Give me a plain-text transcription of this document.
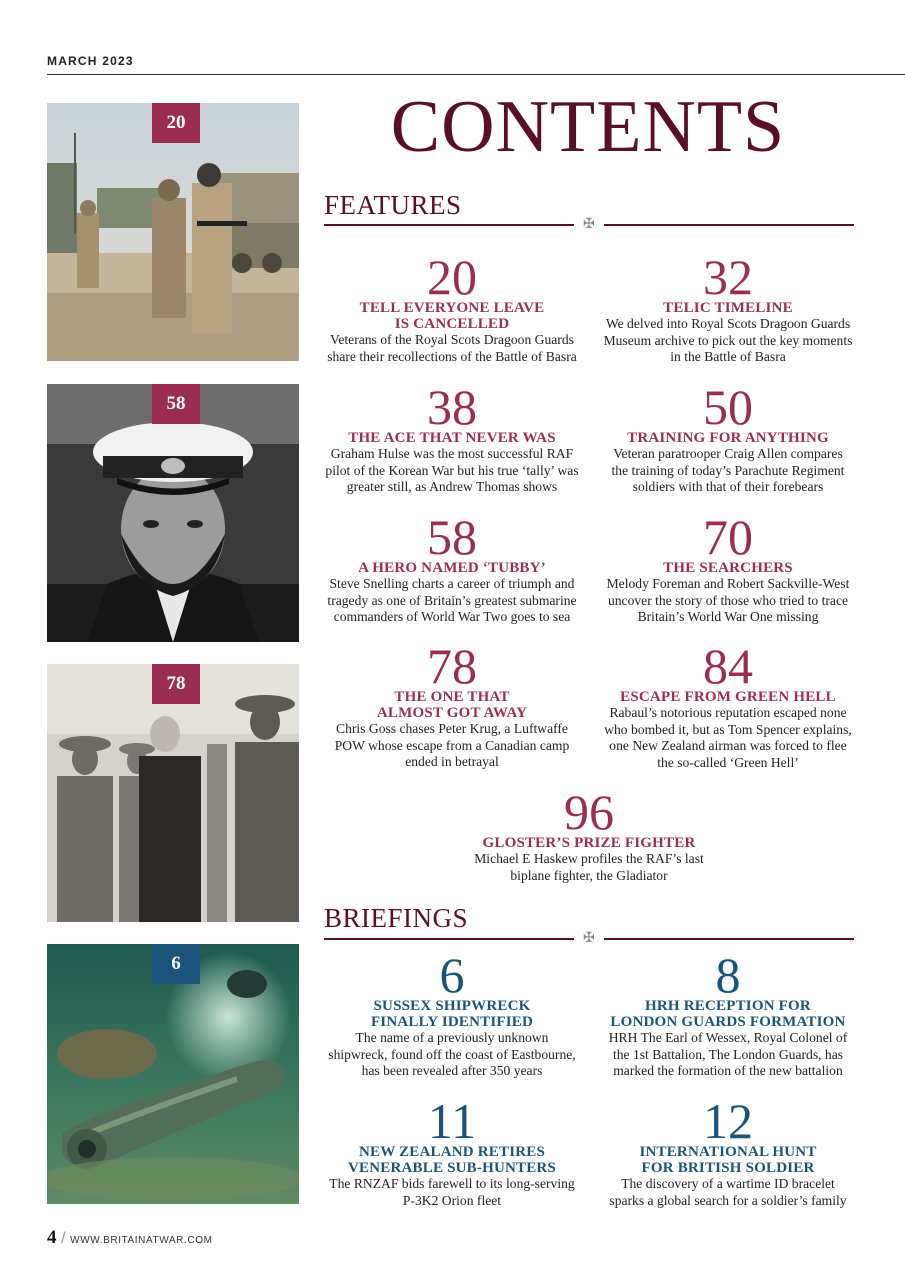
MARCH 2023
20
58
78
6
CONTENTS
FEATURES
✠
20
TELL EVERYONE LEAVE
IS CANCELLED
Veterans of the Royal Scots Dragoon Guards
share their recollections of the Battle of Basra
32
TELIC TIMELINE
We delved into Royal Scots Dragoon Guards
Museum archive to pick out the key moments
in the Battle of Basra
38
THE ACE THAT NEVER WAS
Graham Hulse was the most successful RAF
pilot of the Korean War but his true ‘tally’ was
greater still, as Andrew Thomas shows
50
TRAINING FOR ANYTHING
Veteran paratrooper Craig Allen compares
the training of today’s Parachute Regiment
soldiers with that of their forebears
58
A HERO NAMED ‘TUBBY’
Steve Snelling charts a career of triumph and
tragedy as one of Britain’s greatest submarine
commanders of World War Two goes to sea
70
THE SEARCHERS
Melody Foreman and Robert Sackville-West
uncover the story of those who tried to trace
Britain’s World War One missing
78
THE ONE THAT
ALMOST GOT AWAY
Chris Goss chases Peter Krug, a Luftwaffe
POW whose escape from a Canadian camp
ended in betrayal
84
ESCAPE FROM GREEN HELL
Rabaul’s notorious reputation escaped none
who bombed it, but as Tom Spencer explains,
one New Zealand airman was forced to flee
the so-called ‘Green Hell’
96
GLOSTER’S PRIZE FIGHTER
Michael E Haskew profiles the RAF’s last
biplane fighter, the Gladiator
BRIEFINGS
✠
6
SUSSEX SHIPWRECK
FINALLY IDENTIFIED
The name of a previously unknown
shipwreck, found off the coast of Eastbourne,
has been revealed after 350 years
8
HRH RECEPTION FOR
LONDON GUARDS FORMATION
HRH The Earl of Wessex, Royal Colonel of
the 1st Battalion, The London Guards, has
marked the formation of the new battalion
11
NEW ZEALAND RETIRES
VENERABLE SUB-HUNTERS
The RNZAF bids farewell to its long-serving
P-3K2 Orion fleet
12
INTERNATIONAL HUNT
FOR BRITISH SOLDIER
The discovery of a wartime ID bracelet
sparks a global search for a soldier’s family
4 / WWW.BRITAINATWAR.COM
